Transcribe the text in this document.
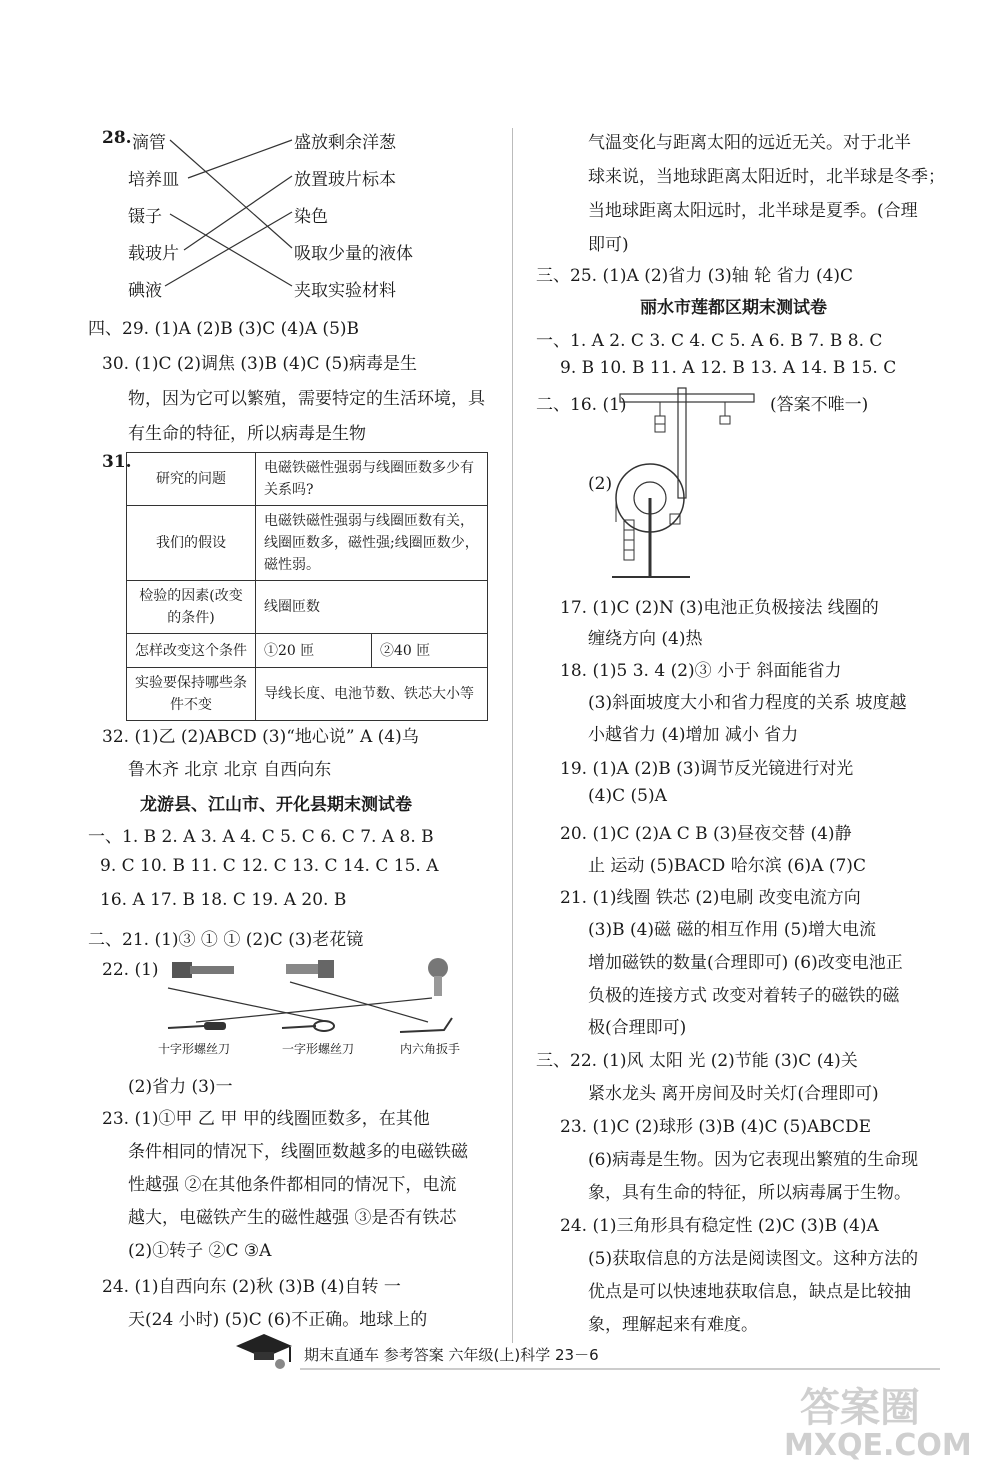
28. 滴管
培养皿
镊子
载玻片
碘液
盛放剩余洋葱
放置玻片标本
染色
吸取少量的液体
夹取实验材料
四、29. (1)A (2)B (3)C (4)A (5)B
30. (1)C (2)调焦 (3)B (4)C (5)病毒是生
物，因为它可以繁殖，需要特定的生活环境，具
有生命的特征，所以病毒是生物
31.
研究的问题	电磁铁磁性强弱与线圈匝数多少有关系吗?	
我们的假设	电磁铁磁性强弱与线圈匝数有关，线圈匝数多，磁性强;线圈匝数少，磁性弱。	
检验的因素(改变的条件)	线圈匝数	
怎样改变这个条件	①20 匝	②40 匝
实验要保持哪些条件不变	导线长度、电池节数、铁芯大小等	
32. (1)乙 (2)ABCD (3)“地心说” A (4)乌
鲁木齐 北京 北京 自西向东
龙游县、江山市、开化县期末测试卷
一、1. B 2. A 3. A 4. C 5. C 6. C 7. A 8. B
9. C 10. B 11. C 12. C 13. C 14. C 15. A
16. A 17. B 18. C 19. A 20. B
二、21. (1)③ ① ① (2)C (3)老花镜
22. (1)
十字形螺丝刀	一字形螺丝刀	内六角扳手
(2)省力 (3)一
23. (1)①甲 乙 甲 甲的线圈匝数多，在其他
条件相同的情况下，线圈匝数越多的电磁铁磁
性越强 ②在其他条件都相同的情况下，电流
越大，电磁铁产生的磁性越强 ③是否有铁芯
(2)①转子 ②C ③A
24. (1)自西向东 (2)秋 (3)B (4)自转 一
天(24 小时) (5)C (6)不正确。地球上的
气温变化与距离太阳的远近无关。对于北半
球来说，当地球距离太阳近时，北半球是冬季；
当地球距离太阳远时，北半球是夏季。(合理
即可)
三、25. (1)A (2)省力 (3)轴 轮 省力 (4)C
丽水市莲都区期末测试卷
一、1. A 2. C 3. C 4. C 5. A 6. B 7. B 8. C
9. B 10. B 11. A 12. B 13. A 14. B 15. C
二、16. (1)	(答案不唯一)
(2)
17. (1)C (2)N (3)电池正负极接法 线圈的
缠绕方向 (4)热
18. (1)5 3. 4 (2)③ 小于 斜面能省力
(3)斜面坡度大小和省力程度的关系 坡度越
小越省力 (4)增加 减小 省力
19. (1)A (2)B (3)调节反光镜进行对光
(4)C (5)A
20. (1)C (2)A C B (3)昼夜交替 (4)静
止 运动 (5)BACD 哈尔滨 (6)A (7)C
21. (1)线圈 铁芯 (2)电刷 改变电流方向
(3)B (4)磁 磁的相互作用 (5)增大电流
增加磁铁的数量(合理即可) (6)改变电池正
负极的连接方式 改变对着转子的磁铁的磁
极(合理即可)
三、22. (1)风 太阳 光 (2)节能 (3)C (4)关
紧水龙头 离开房间及时关灯(合理即可)
23. (1)C (2)球形 (3)B (4)C (5)ABCDE
(6)病毒是生物。因为它表现出繁殖的生命现
象，具有生命的特征，所以病毒属于生物。
24. (1)三角形具有稳定性 (2)C (3)B (4)A
(5)获取信息的方法是阅读图文。这种方法的
优点是可以快速地获取信息，缺点是比较抽
象，理解起来有难度。
期末直通车 参考答案 六年级(上)科学 23－6
答案圈
MXQE.COM
